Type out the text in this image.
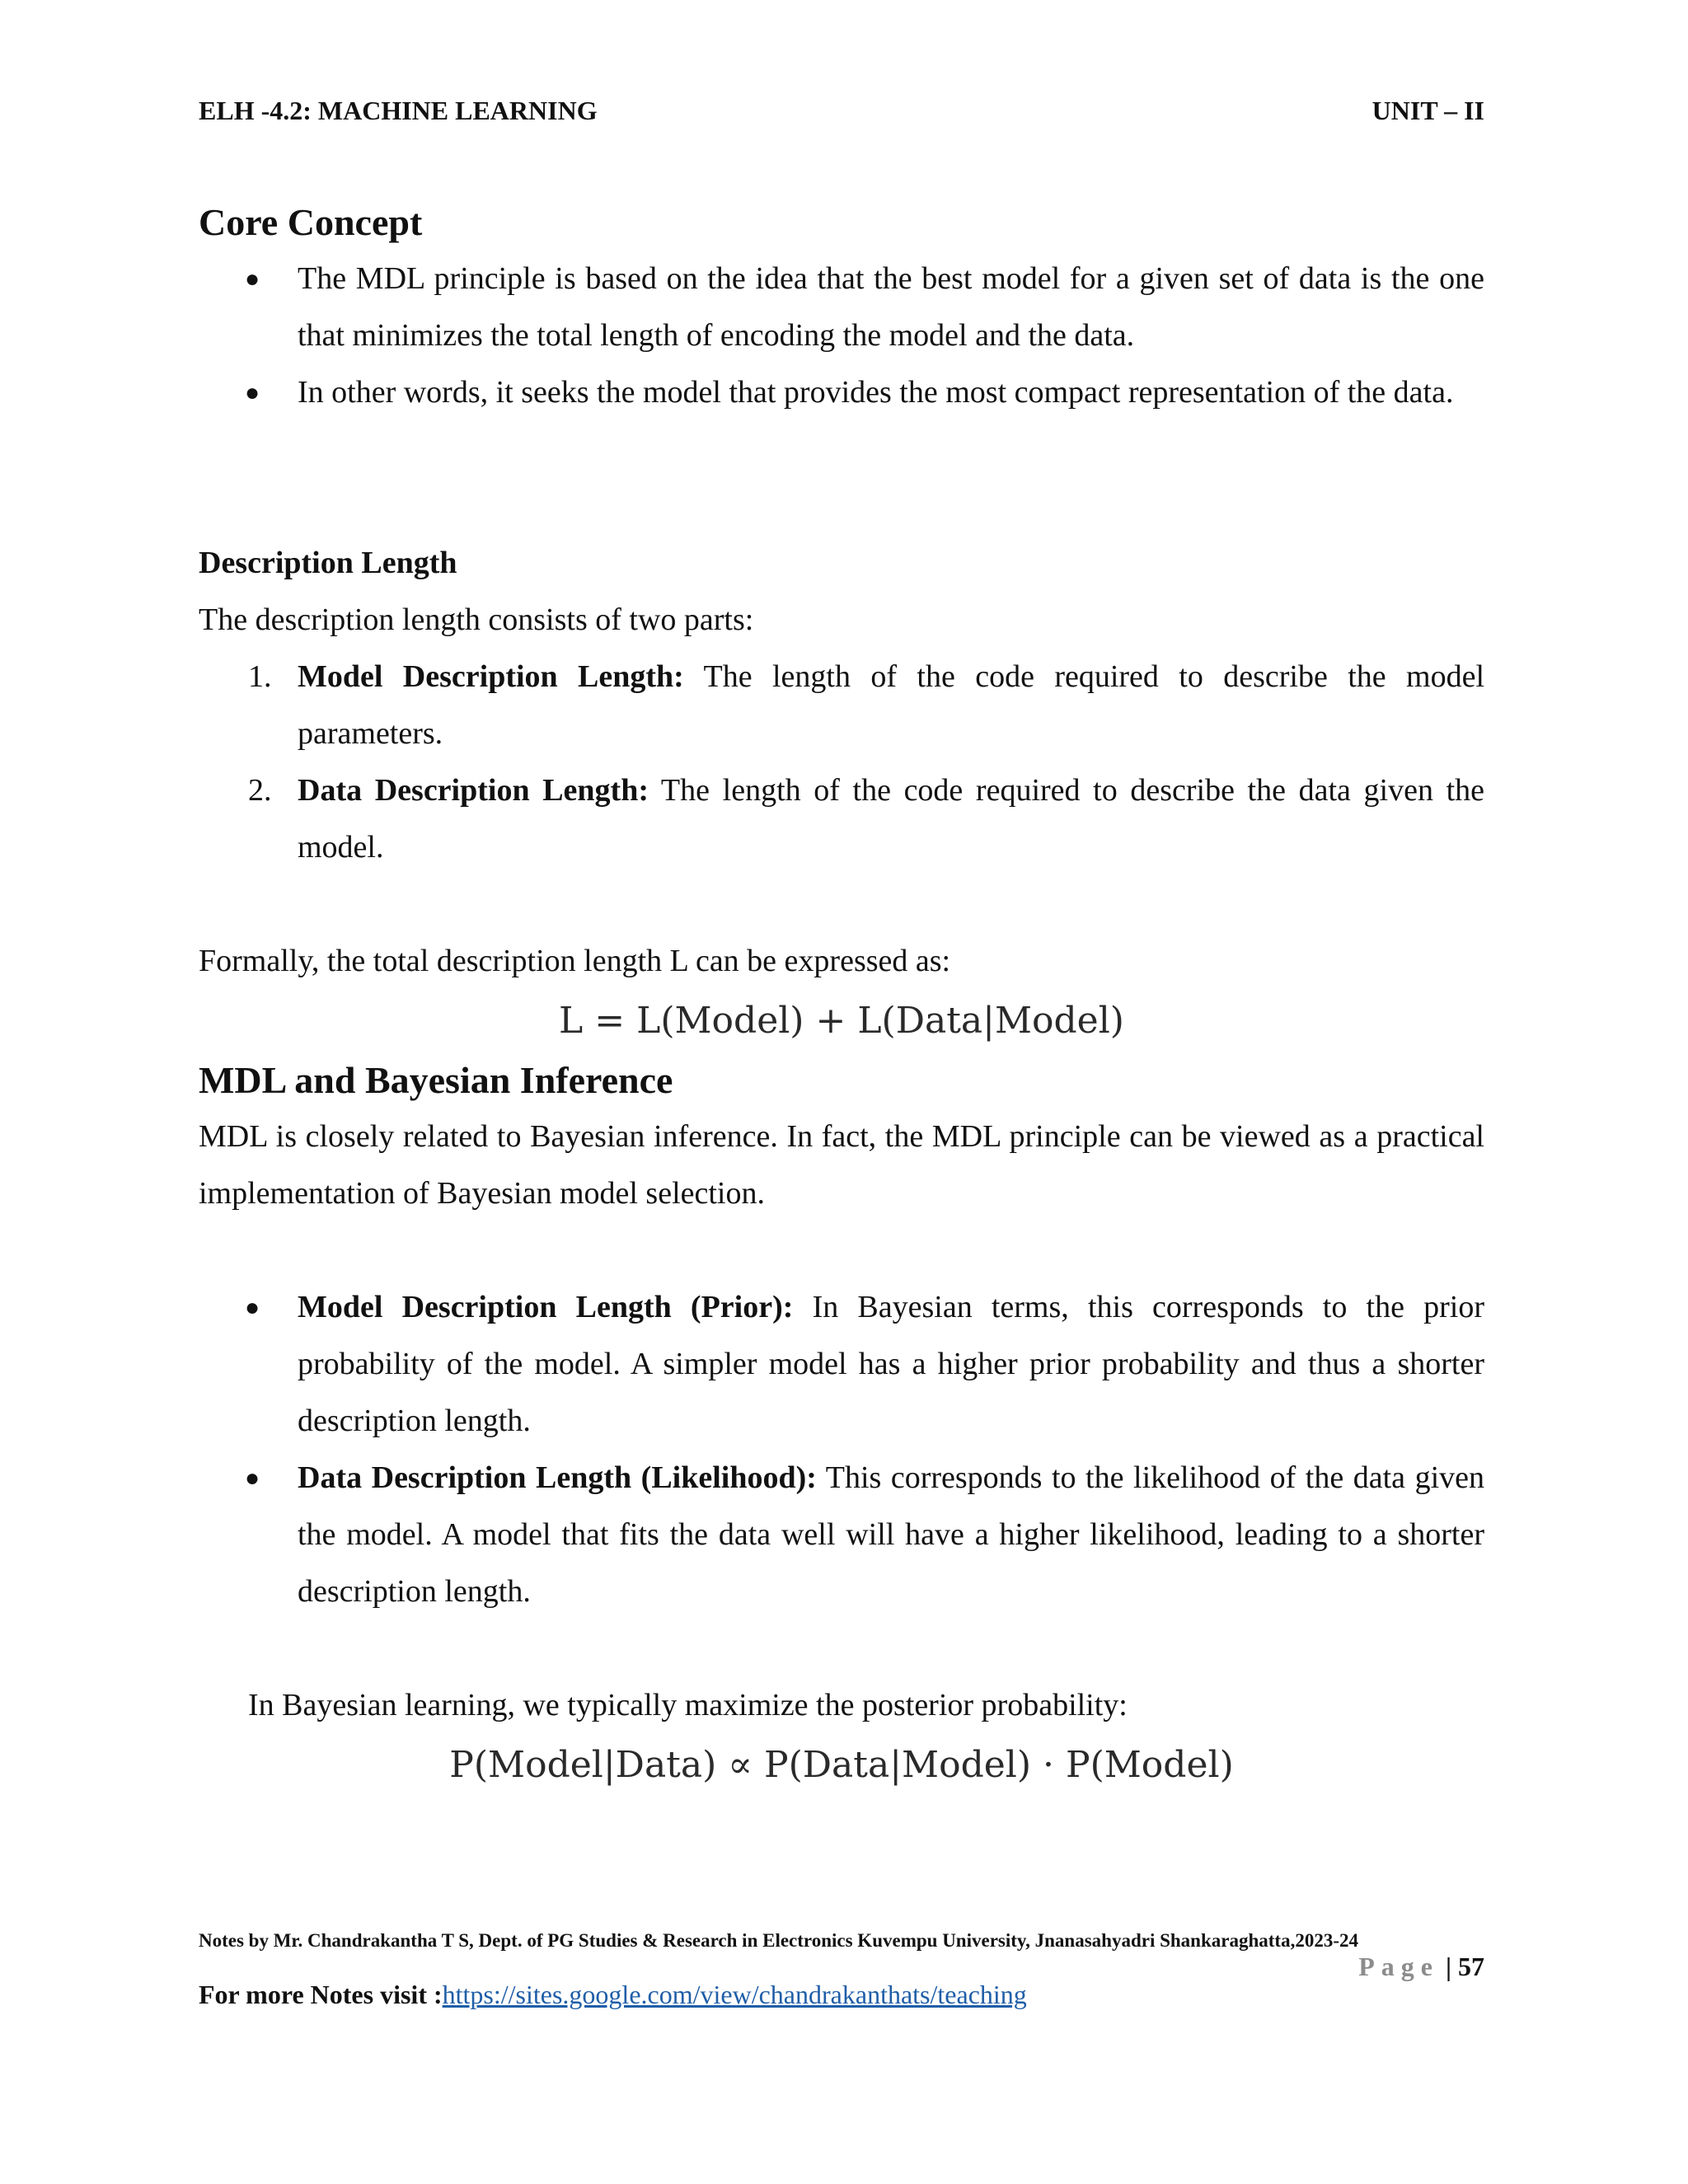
ELH -4.2: MACHINE LEARNING	UNIT – II
Core Concept
● The MDL principle is based on the idea that the best model for a given set of data is the one that minimizes the total length of encoding the model and the data.
● In other words, it seeks the model that provides the most compact representation of the data.
Description Length

The description length consists of two parts:

1. Model Description Length: The length of the code required to describe the model parameters.
2. Data Description Length: The length of the code required to describe the data given the model.

Formally, the total description length L can be expressed as:

L = L(Model) + L(Data|Model)
MDL and Bayesian Inference

MDL is closely related to Bayesian inference. In fact, the MDL principle can be viewed as a practical implementation of Bayesian model selection.

● Model Description Length (Prior): In Bayesian terms, this corresponds to the prior probability of the model. A simpler model has a higher prior probability and thus a shorter description length.
● Data Description Length (Likelihood): This corresponds to the likelihood of the data given the model. A model that fits the data well will have a higher likelihood, leading to a shorter description length.

In Bayesian learning, we typically maximize the posterior probability:

P(Model|Data) ∝ P(Data|Model) · P(Model)
Notes by Mr. Chandrakantha T S, Dept. of PG Studies & Research in Electronics Kuvempu University, Jnanasahyadri Shankaraghatta,2023-24
Page | 57
For more Notes visit :https://sites.google.com/view/chandrakanthats/teaching
